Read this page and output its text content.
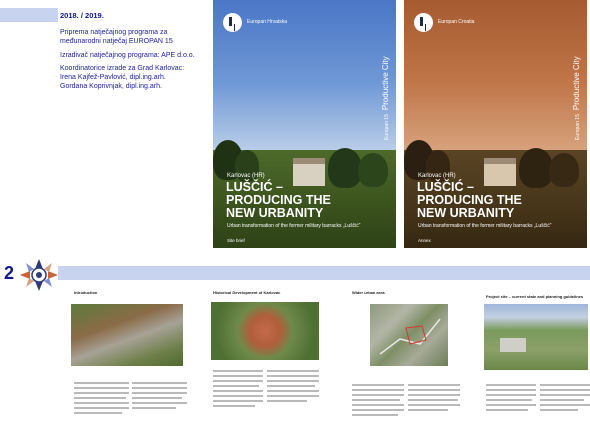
2018. / 2019.
Priprema natječajnog programa za
međunarodni natječaj EUROPAN 15
Izradivač natječajnog programa: APE d.o.o.
Koordinatorice izrade za Grad Karlovac:
Irena Kajfež-Pavlović, dipl.ing.arh.
Gordana Koprivnjak, dipl.ing.arh.
Europan Hrvatska
Europan 15Productive City
Karlovac (HR)
LUŠČIĆ –
PRODUCING THE
NEW URBANITY
Urban transformation of the former military barracks „Luščić“
Site brief
Europan Croatia
Europan 15Productive City
Karlovac (HR)
LUŠČIĆ –
PRODUCING THE
NEW URBANITY
Urban transformation of the former military barracks „Luščić“
Annex
2
Introduction	Historical Development of Karlovac	Wider urban area
Project site – current state and planning guidelines
